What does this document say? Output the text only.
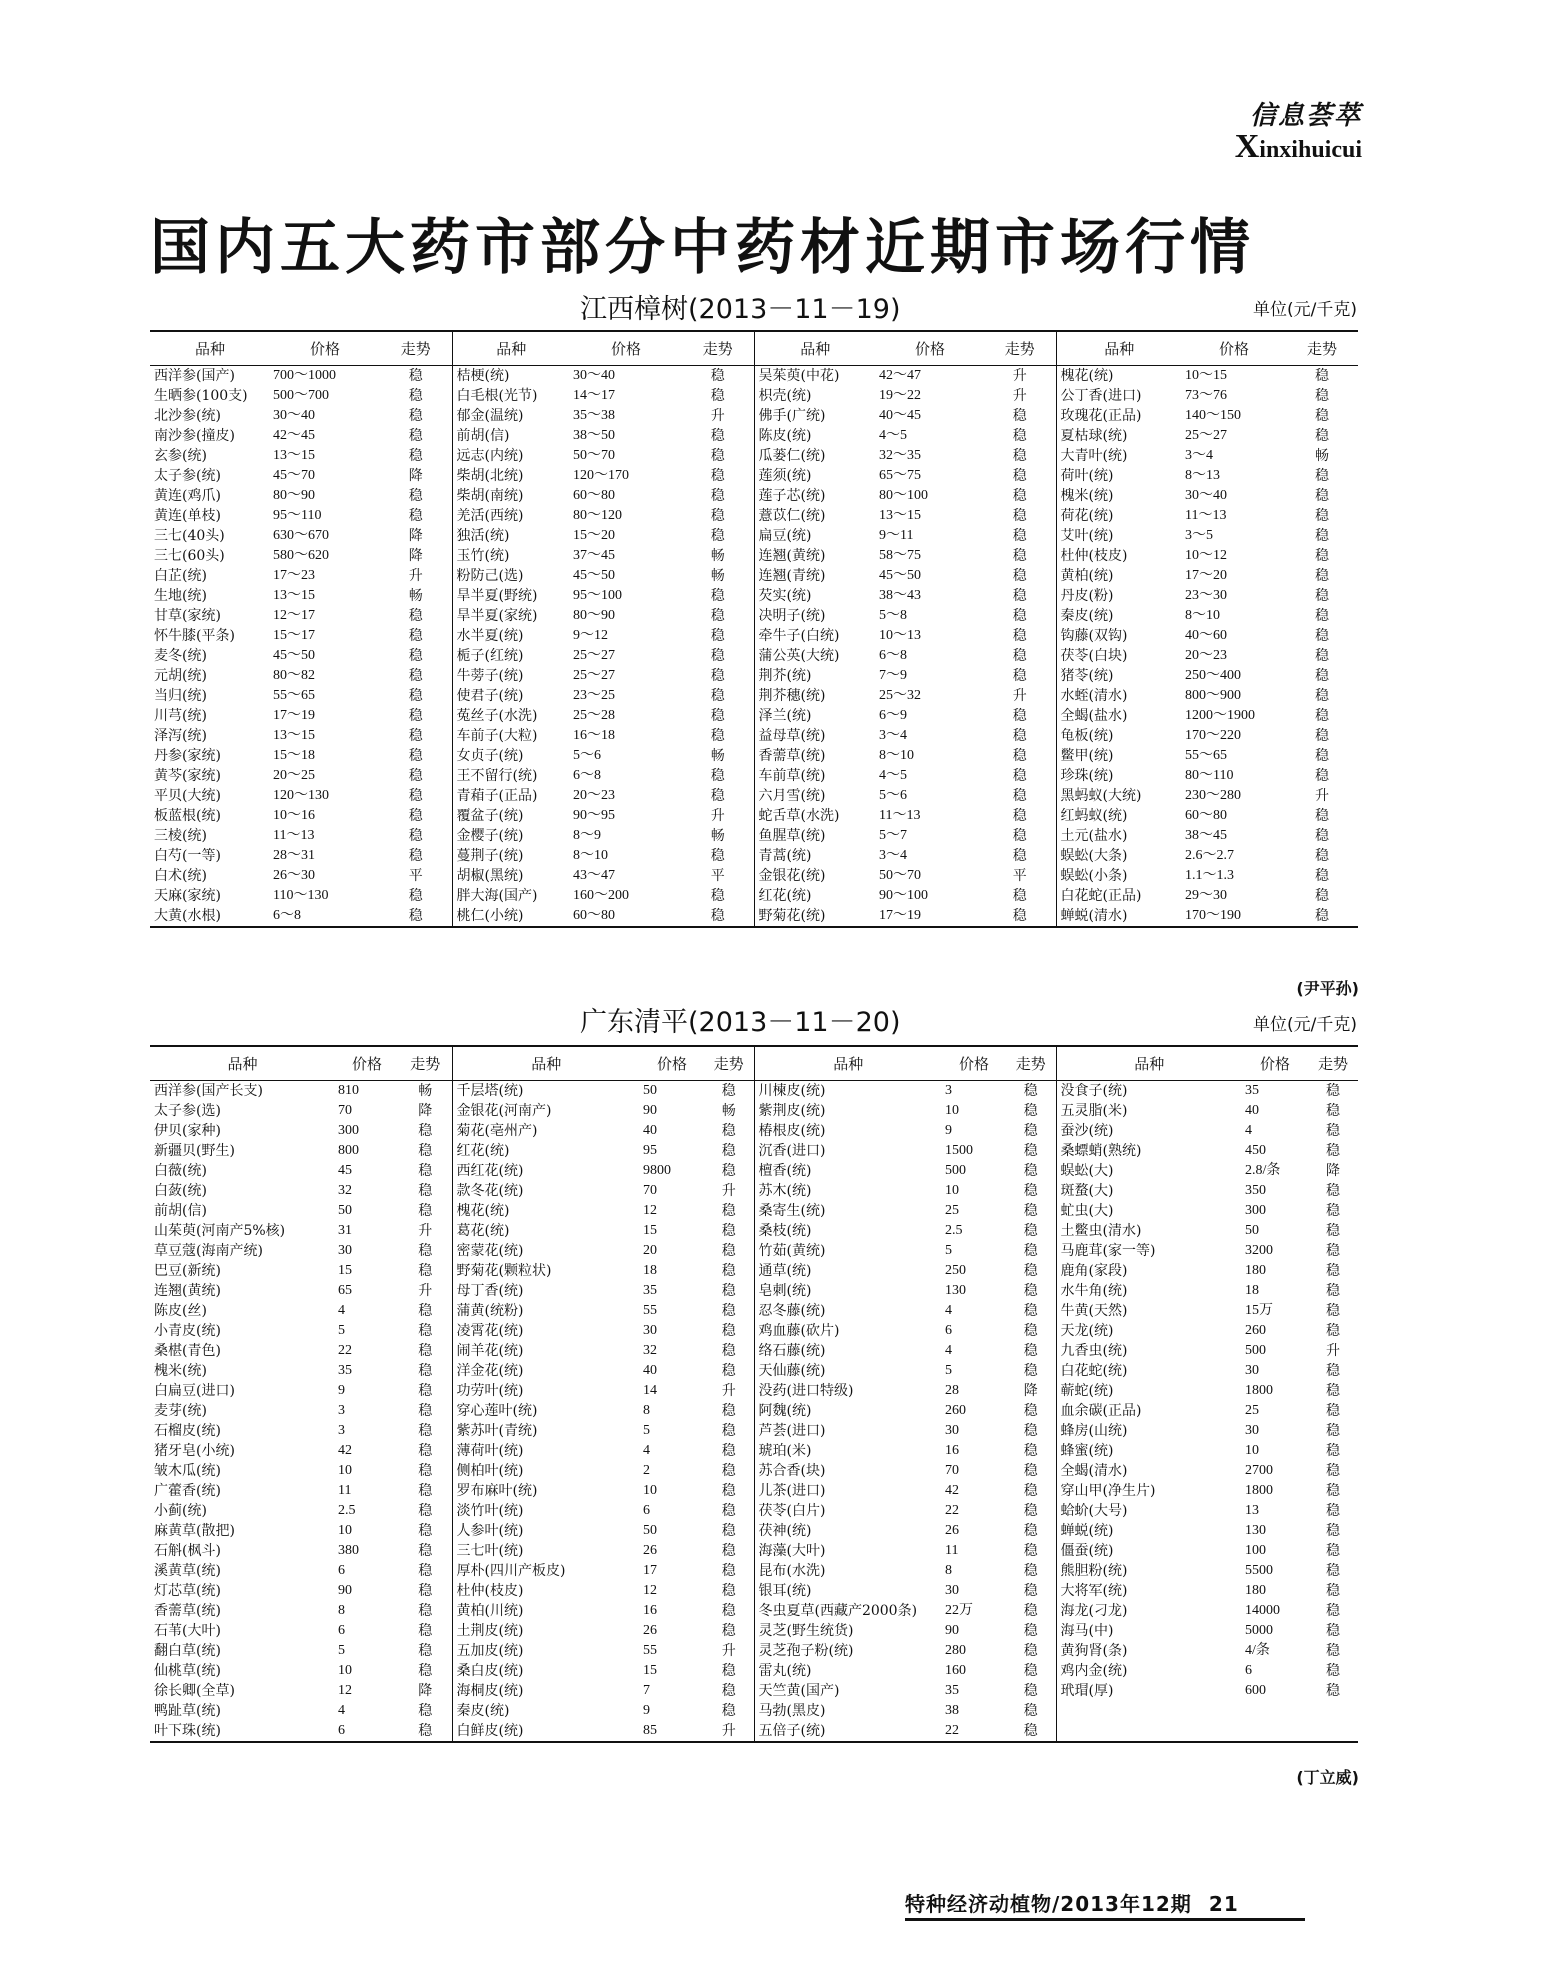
信息荟萃
Xinxihuicui
国内五大药市部分中药材近期市场行情
江西樟树(2013－11－19)	单位(元/千克)
品种	价格	走势	品种	价格	走势	品种	价格	走势	品种	价格	走势
西洋参(国产)	700～1000	稳	桔梗(统)	30～40	稳	吴茱萸(中花)	42～47	升	槐花(统)	10～15	稳
生晒参(100支)	500～700	稳	白毛根(光节)	14～17	稳	枳壳(统)	19～22	升	公丁香(进口)	73～76	稳
北沙参(统)	30～40	稳	郁金(温统)	35～38	升	佛手(广统)	40～45	稳	玫瑰花(正品)	140～150	稳
南沙参(撞皮)	42～45	稳	前胡(信)	38～50	稳	陈皮(统)	4～5	稳	夏枯球(统)	25～27	稳
玄参(统)	13～15	稳	远志(内统)	50～70	稳	瓜蒌仁(统)	32～35	稳	大青叶(统)	3～4	畅
太子参(统)	45～70	降	柴胡(北统)	120～170	稳	莲须(统)	65～75	稳	荷叶(统)	8～13	稳
黄连(鸡爪)	80～90	稳	柴胡(南统)	60～80	稳	莲子芯(统)	80～100	稳	槐米(统)	30～40	稳
黄连(单枝)	95～110	稳	羌活(西统)	80～120	稳	薏苡仁(统)	13～15	稳	荷花(统)	11～13	稳
三七(40头)	630～670	降	独活(统)	15～20	稳	扁豆(统)	9～11	稳	艾叶(统)	3～5	稳
三七(60头)	580～620	降	玉竹(统)	37～45	畅	连翘(黄统)	58～75	稳	杜仲(枝皮)	10～12	稳
白芷(统)	17～23	升	粉防己(选)	45～50	畅	连翘(青统)	45～50	稳	黄柏(统)	17～20	稳
生地(统)	13～15	畅	旱半夏(野统)	95～100	稳	芡实(统)	38～43	稳	丹皮(粉)	23～30	稳
甘草(家统)	12～17	稳	旱半夏(家统)	80～90	稳	决明子(统)	5～8	稳	秦皮(统)	8～10	稳
怀牛膝(平条)	15～17	稳	水半夏(统)	9～12	稳	牵牛子(白统)	10～13	稳	钩藤(双钩)	40～60	稳
麦冬(统)	45～50	稳	栀子(红统)	25～27	稳	蒲公英(大统)	6～8	稳	茯苓(白块)	20～23	稳
元胡(统)	80～82	稳	牛蒡子(统)	25～27	稳	荆芥(统)	7～9	稳	猪苓(统)	250～400	稳
当归(统)	55～65	稳	使君子(统)	23～25	稳	荆芥穗(统)	25～32	升	水蛭(清水)	800～900	稳
川芎(统)	17～19	稳	菟丝子(水洗)	25～28	稳	泽兰(统)	6～9	稳	全蝎(盐水)	1200～1900	稳
泽泻(统)	13～15	稳	车前子(大粒)	16～18	稳	益母草(统)	3～4	稳	龟板(统)	170～220	稳
丹参(家统)	15～18	稳	女贞子(统)	5～6	畅	香薷草(统)	8～10	稳	鳖甲(统)	55～65	稳
黄芩(家统)	20～25	稳	王不留行(统)	6～8	稳	车前草(统)	4～5	稳	珍珠(统)	80～110	稳
平贝(大统)	120～130	稳	青葙子(正品)	20～23	稳	六月雪(统)	5～6	稳	黑蚂蚁(大统)	230～280	升
板蓝根(统)	10～16	稳	覆盆子(统)	90～95	升	蛇舌草(水洗)	11～13	稳	红蚂蚁(统)	60～80	稳
三棱(统)	11～13	稳	金樱子(统)	8～9	畅	鱼腥草(统)	5～7	稳	土元(盐水)	38～45	稳
白芍(一等)	28～31	稳	蔓荆子(统)	8～10	稳	青蒿(统)	3～4	稳	蜈蚣(大条)	2.6～2.7	稳
白术(统)	26～30	平	胡椒(黑统)	43～47	平	金银花(统)	50～70	平	蜈蚣(小条)	1.1～1.3	稳
天麻(家统)	110～130	稳	胖大海(国产)	160～200	稳	红花(统)	90～100	稳	白花蛇(正品)	29～30	稳
大黄(水根)	6～8	稳	桃仁(小统)	60～80	稳	野菊花(统)	17～19	稳	蝉蜕(清水)	170～190	稳
(尹平孙)
广东清平(2013－11－20)	单位(元/千克)
品种	价格	走势	品种	价格	走势	品种	价格	走势	品种	价格	走势
西洋参(国产长支)	810	畅	千层塔(统)	50	稳	川楝皮(统)	3	稳	没食子(统)	35	稳
太子参(选)	70	降	金银花(河南产)	90	畅	紫荆皮(统)	10	稳	五灵脂(米)	40	稳
伊贝(家种)	300	稳	菊花(亳州产)	40	稳	椿根皮(统)	9	稳	蚕沙(统)	4	稳
新疆贝(野生)	800	稳	红花(统)	95	稳	沉香(进口)	1500	稳	桑螵蛸(熟统)	450	稳
白薇(统)	45	稳	西红花(统)	9800	稳	檀香(统)	500	稳	蜈蚣(大)	2.8/条	降
白蔹(统)	32	稳	款冬花(统)	70	升	苏木(统)	10	稳	斑蝥(大)	350	稳
前胡(信)	50	稳	槐花(统)	12	稳	桑寄生(统)	25	稳	虻虫(大)	300	稳
山茱萸(河南产5%核)	31	升	葛花(统)	15	稳	桑枝(统)	2.5	稳	土鳖虫(清水)	50	稳
草豆蔻(海南产统)	30	稳	密蒙花(统)	20	稳	竹茹(黄统)	5	稳	马鹿茸(家一等)	3200	稳
巴豆(新统)	15	稳	野菊花(颗粒状)	18	稳	通草(统)	250	稳	鹿角(家段)	180	稳
连翘(黄统)	65	升	母丁香(统)	35	稳	皂刺(统)	130	稳	水牛角(统)	18	稳
陈皮(丝)	4	稳	蒲黄(统粉)	55	稳	忍冬藤(统)	4	稳	牛黄(天然)	15万	稳
小青皮(统)	5	稳	凌霄花(统)	30	稳	鸡血藤(砍片)	6	稳	天龙(统)	260	稳
桑椹(青色)	22	稳	闹羊花(统)	32	稳	络石藤(统)	4	稳	九香虫(统)	500	升
槐米(统)	35	稳	洋金花(统)	40	稳	天仙藤(统)	5	稳	白花蛇(统)	30	稳
白扁豆(进口)	9	稳	功劳叶(统)	14	升	没药(进口特级)	28	降	蕲蛇(统)	1800	稳
麦芽(统)	3	稳	穿心莲叶(统)	8	稳	阿魏(统)	260	稳	血余碳(正品)	25	稳
石榴皮(统)	3	稳	紫苏叶(青统)	5	稳	芦荟(进口)	30	稳	蜂房(山统)	30	稳
猪牙皂(小统)	42	稳	薄荷叶(统)	4	稳	琥珀(米)	16	稳	蜂蜜(统)	10	稳
皱木瓜(统)	10	稳	侧柏叶(统)	2	稳	苏合香(块)	70	稳	全蝎(清水)	2700	稳
广藿香(统)	11	稳	罗布麻叶(统)	10	稳	儿茶(进口)	42	稳	穿山甲(净生片)	1800	稳
小蓟(统)	2.5	稳	淡竹叶(统)	6	稳	茯苓(白片)	22	稳	蛤蚧(大号)	13	稳
麻黄草(散把)	10	稳	人参叶(统)	50	稳	茯神(统)	26	稳	蝉蜕(统)	130	稳
石斛(枫斗)	380	稳	三七叶(统)	26	稳	海藻(大叶)	11	稳	僵蚕(统)	100	稳
溪黄草(统)	6	稳	厚朴(四川产板皮)	17	稳	昆布(水洗)	8	稳	熊胆粉(统)	5500	稳
灯芯草(统)	90	稳	杜仲(枝皮)	12	稳	银耳(统)	30	稳	大将军(统)	180	稳
香薷草(统)	8	稳	黄柏(川统)	16	稳	冬虫夏草(西藏产2000条)	22万	稳	海龙(刁龙)	14000	稳
石苇(大叶)	6	稳	土荆皮(统)	26	稳	灵芝(野生统货)	90	稳	海马(中)	5000	稳
翻白草(统)	5	稳	五加皮(统)	55	升	灵芝孢子粉(统)	280	稳	黄狗肾(条)	4/条	稳
仙桃草(统)	10	稳	桑白皮(统)	15	稳	雷丸(统)	160	稳	鸡内金(统)	6	稳
徐长卿(全草)	12	降	海桐皮(统)	7	稳	天竺黄(国产)	35	稳	玳瑁(厚)	600	稳
鸭趾草(统)	4	稳	秦皮(统)	9	稳	马勃(黑皮)	38	稳			
叶下珠(统)	6	稳	白鲜皮(统)	85	升	五倍子(统)	22	稳			
(丁立威)
特种经济动植物/2013年12期 21
